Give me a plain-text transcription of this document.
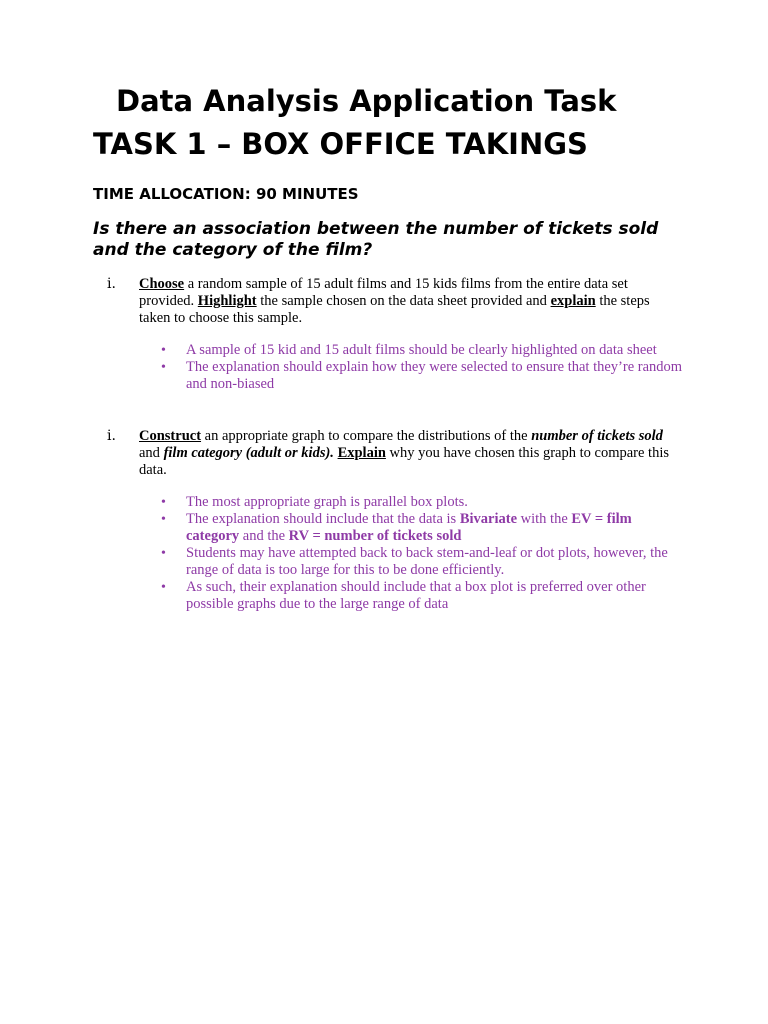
Data Analysis Application Task
TASK 1 – BOX OFFICE TAKINGS
TIME ALLOCATION: 90 MINUTES
Is there an association between the number of tickets sold and the category of the film?
i. Choose a random sample of 15 adult films and 15 kids films from the entire data set provided. Highlight the sample chosen on the data sheet provided and explain the steps taken to choose this sample.
• A sample of 15 kid and 15 adult films should be clearly highlighted on data sheet
• The explanation should explain how they were selected to ensure that they’re random and non-biased
i. Construct an appropriate graph to compare the distributions of the number of tickets sold and film category (adult or kids). Explain why you have chosen this graph to compare this data.
• The most appropriate graph is parallel box plots.
• The explanation should include that the data is Bivariate with the EV = film category and the RV = number of tickets sold
• Students may have attempted back to back stem-and-leaf or dot plots, however, the range of data is too large for this to be done efficiently.
• As such, their explanation should include that a box plot is preferred over other possible graphs due to the large range of data
